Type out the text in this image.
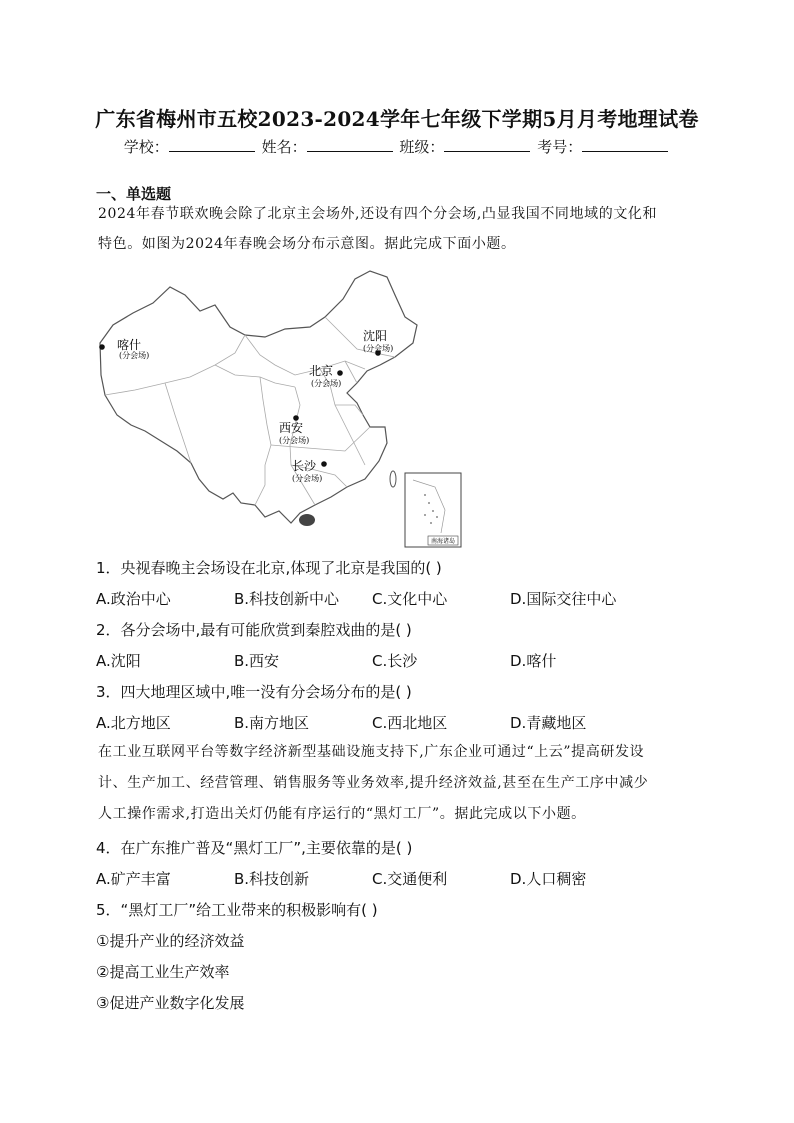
广东省梅州市五校2023-2024学年七年级下学期5月月考地理试卷
学校：	姓名：	班级：	考号：
一、单选题
2024年春节联欢晚会除了北京主会场外,还设有四个分会场,凸显我国不同地域的文化和
特色。如图为2024年春晚会场分布示意图。据此完成下面小题。
南海诸岛
喀什
(分会场)
沈阳
(分会场)
北京
(分会场)
西安
(分会场)
长沙
(分会场)
1．央视春晚主会场设在北京,体现了北京是我国的( )
A.政治中心	B.科技创新中心 C.文化中心	D.国际交往中心
2．各分会场中,最有可能欣赏到秦腔戏曲的是( )
A.沈阳	B.西安	C.长沙	D.喀什
3．四大地理区域中,唯一没有分会场分布的是( )
A.北方地区	B.南方地区	C.西北地区	D.青藏地区
在工业互联网平台等数字经济新型基础设施支持下,广东企业可通过“上云”提高研发设
计、生产加工、经营管理、销售服务等业务效率,提升经济效益,甚至在生产工序中减少
人工操作需求,打造出关灯仍能有序运行的“黑灯工厂”。据此完成以下小题。
4．在广东推广普及“黑灯工厂”,主要依靠的是( )
A.矿产丰富	B.科技创新	C.交通便利	D.人口稠密
5．“黑灯工厂”给工业带来的积极影响有( )
①提升产业的经济效益
②提高工业生产效率
③促进产业数字化发展
